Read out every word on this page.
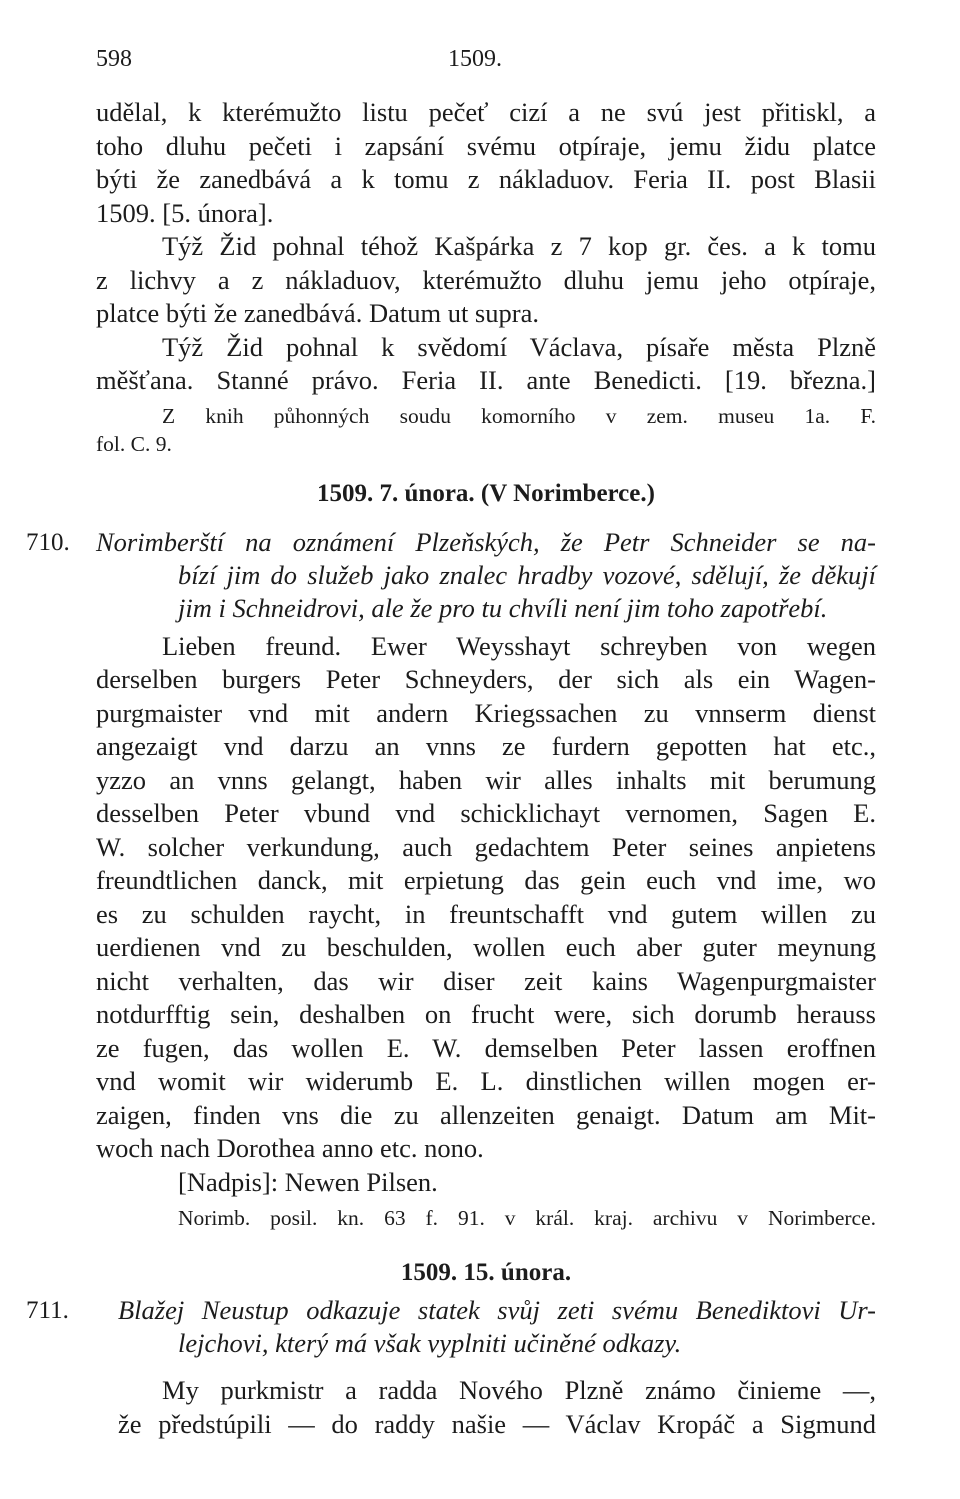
598	1509.
udělal, k kterémužto listu pečeť cizí a ne svú jest přitiskl, a
toho dluhu pečeti i zapsání svému otpíraje, jemu židu platce
býti že zanedbává a k tomu z nákladuov. Feria II. post Blasii
1509. [5. února].
Týž Žid pohnal téhož Kašpárka z 7 kop gr. čes. a k tomu
z lichvy a z nákladuov, kterémužto dluhu jemu jeho otpíraje,
platce býti že zanedbává. Datum ut supra.
Týž Žid pohnal k svědomí Václava, písaře města Plzně
měšťana. Stanné právo. Feria II. ante Benedicti. [19. března.]
Z knih půhonných soudu komorního v zem. museu 1a. F.
fol. C. 9.
1509. 7. února. (V Norimberce.)
710. Norimberští na oznámení Plzeňských, že Petr Schneider se na-
bízí jim do služeb jako znalec hradby vozové, sdělují, že děkují
jim i Schneidrovi, ale že pro tu chvíli není jim toho zapotřebí.
Lieben freund. Ewer Weysshayt schreyben von wegen
derselben burgers Peter Schneyders, der sich als ein Wagen-
purgmaister vnd mit andern Kriegssachen zu vnnserm dienst
angezaigt vnd darzu an vnns ze furdern gepotten hat etc.,
yzzo an vnns gelangt, haben wir alles inhalts mit berumung
desselben Peter vbund vnd schicklichayt vernomen, Sagen E.
W. solcher verkundung, auch gedachtem Peter seines anpietens
freundtlichen danck, mit erpietung das gein euch vnd ime, wo
es zu schulden raycht, in freuntschafft vnd gutem willen zu
uerdienen vnd zu beschulden, wollen euch aber guter meynung
nicht verhalten, das wir diser zeit kains Wagenpurgmaister
notdurfftig sein, deshalben on frucht were, sich dorumb herauss
ze fugen, das wollen E. W. demselben Peter lassen eroffnen
vnd womit wir widerumb E. L. dinstlichen willen mogen er-
zaigen, finden vns die zu allenzeiten genaigt. Datum am Mit-
woch nach Dorothea anno etc. nono.
[Nadpis]: Newen Pilsen.
Norimb. posil. kn. 63 f. 91. v král. kraj. archivu v Norimberce.
1509. 15. února.
711. Blažej Neustup odkazuje statek svůj zeti svému Benediktovi Ur-
lejchovi, který má však vyplniti učiněné odkazy.
My purkmistr a radda Nového Plzně známo činieme —,
že předstúpili — do raddy našie — Václav Kropáč a Sigmund
